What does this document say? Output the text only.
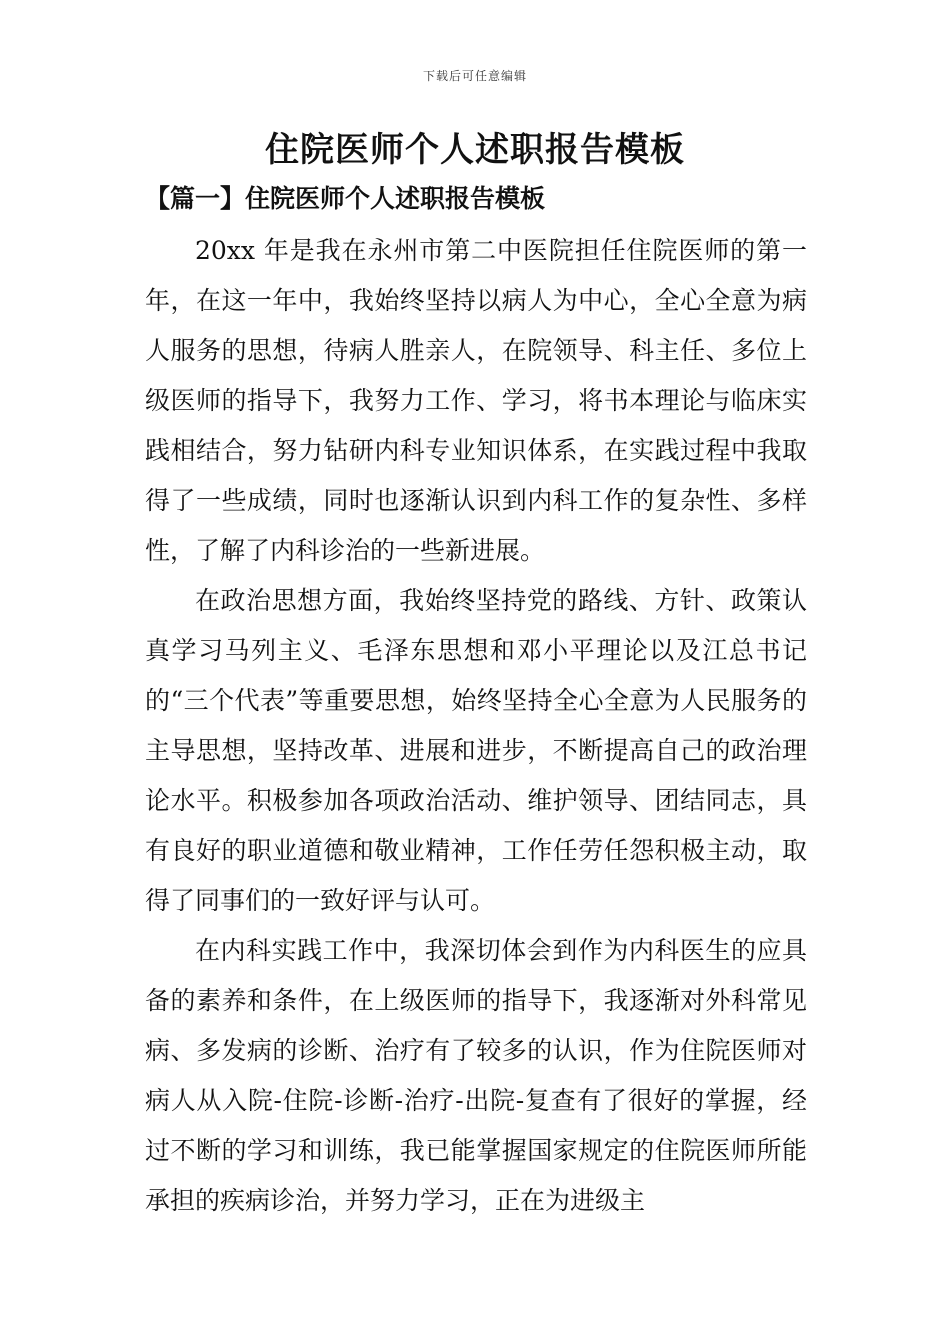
下载后可任意编辑
住院医师个人述职报告模板
【篇一】住院医师个人述职报告模板

20xx 年是我在永州市第二中医院担任住院医师的第一年，在这一年中，我始终坚持以病人为中心，全心全意为病人服务的思想，待病人胜亲人，在院领导、科主任、多位上级医师的指导下，我努力工作、学习，将书本理论与临床实践相结合，努力钻研内科专业知识体系，在实践过程中我取得了一些成绩，同时也逐渐认识到内科工作的复杂性、多样性，了解了内科诊治的一些新进展。

在政治思想方面，我始终坚持党的路线、方针、政策认真学习马列主义、毛泽东思想和邓小平理论以及江总书记的“三个代表”等重要思想，始终坚持全心全意为人民服务的主导思想，坚持改革、进展和进步，不断提高自己的政治理论水平。积极参加各项政治活动、维护领导、团结同志，具有良好的职业道德和敬业精神，工作任劳任怨积极主动，取得了同事们的一致好评与认可。

在内科实践工作中，我深切体会到作为内科医生的应具备的素养和条件，在上级医师的指导下，我逐渐对外科常见病、多发病的诊断、治疗有了较多的认识，作为住院医师对病人从入院-住院-诊断-治疗-出院-复查有了很好的掌握，经过不断的学习和训练，我已能掌握国家规定的住院医师所能承担的疾病诊治，并努力学习，正在为进级主
